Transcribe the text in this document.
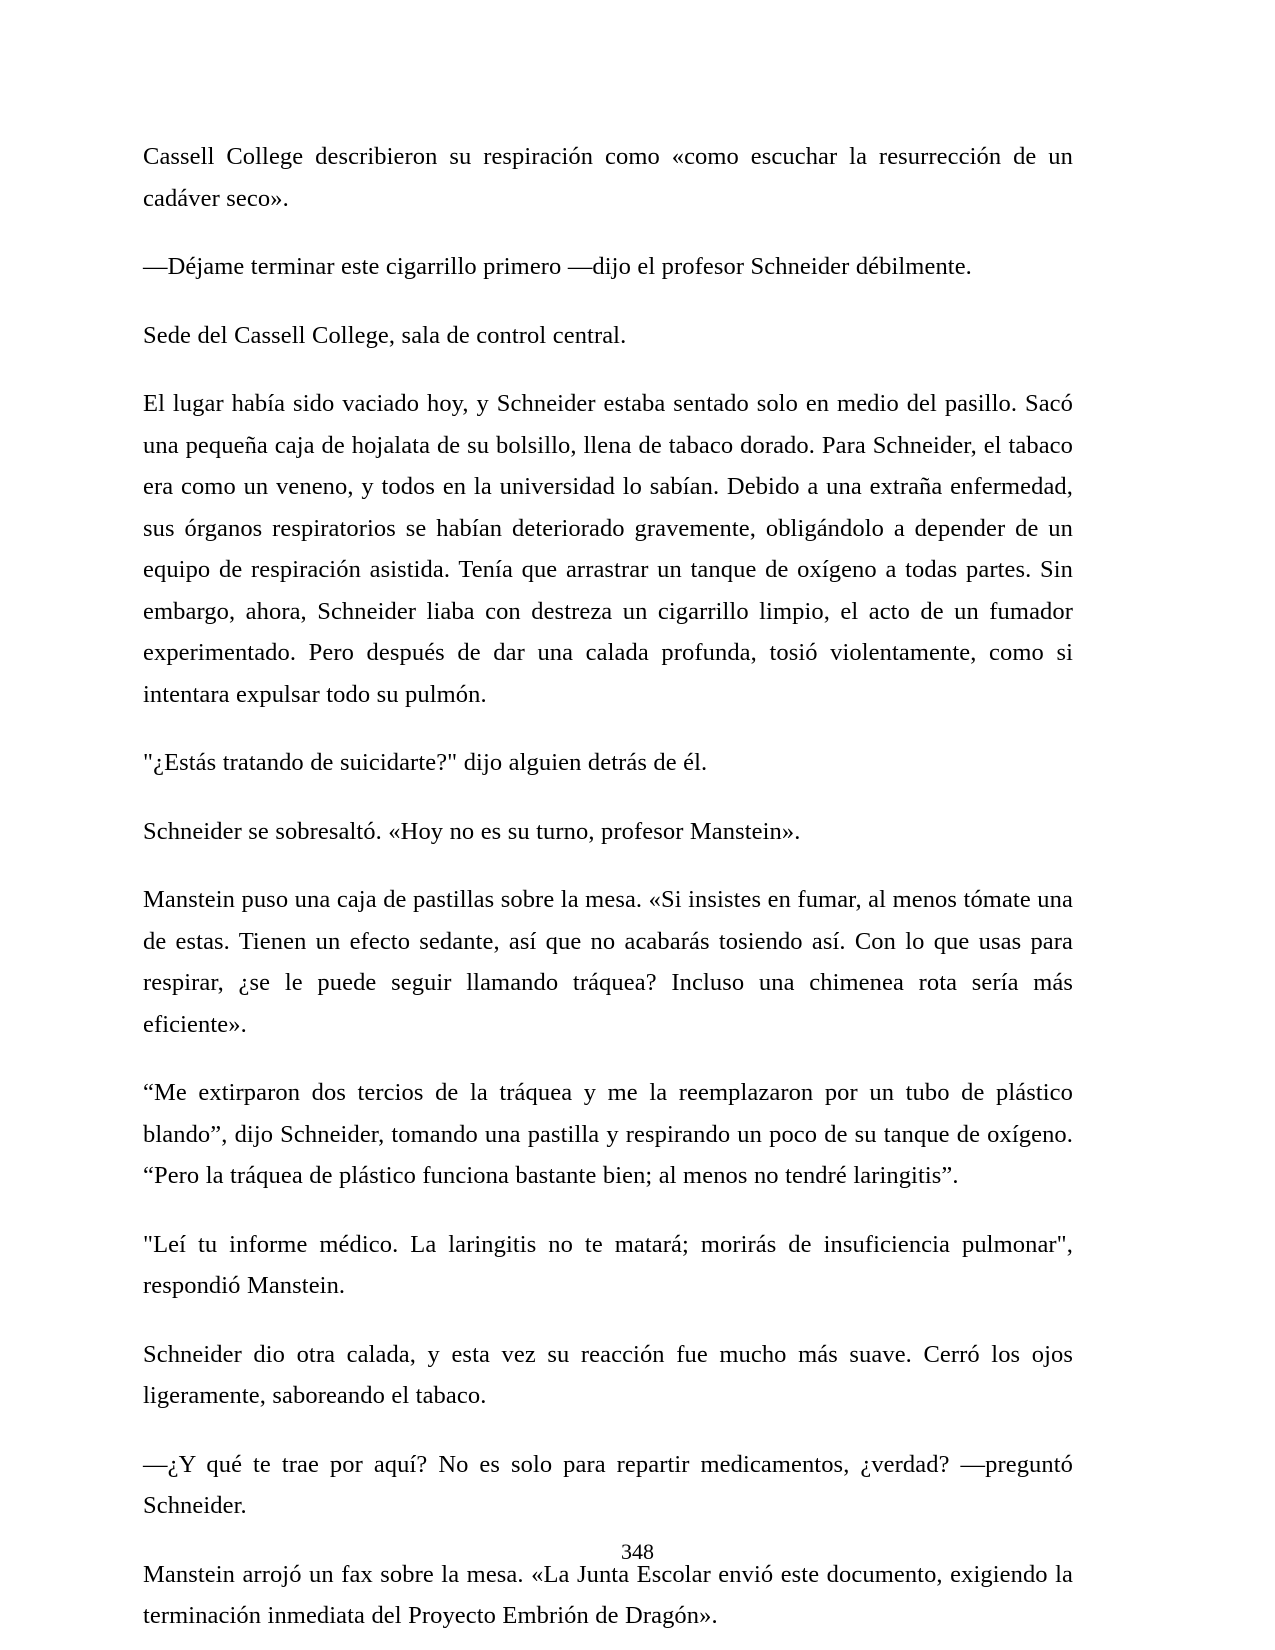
Cassell College describieron su respiración como «como escuchar la resurrección de un cadáver seco».

—Déjame terminar este cigarrillo primero —dijo el profesor Schneider débilmente.

Sede del Cassell College, sala de control central.

El lugar había sido vaciado hoy, y Schneider estaba sentado solo en medio del pasillo. Sacó una pequeña caja de hojalata de su bolsillo, llena de tabaco dorado. Para Schneider, el tabaco era como un veneno, y todos en la universidad lo sabían. Debido a una extraña enfermedad, sus órganos respiratorios se habían deteriorado gravemente, obligándolo a depender de un equipo de respiración asistida. Tenía que arrastrar un tanque de oxígeno a todas partes. Sin embargo, ahora, Schneider liaba con destreza un cigarrillo limpio, el acto de un fumador experimentado. Pero después de dar una calada profunda, tosió violentamente, como si intentara expulsar todo su pulmón.

"¿Estás tratando de suicidarte?" dijo alguien detrás de él.

Schneider se sobresaltó. «Hoy no es su turno, profesor Manstein».

Manstein puso una caja de pastillas sobre la mesa. «Si insistes en fumar, al menos tómate una de estas. Tienen un efecto sedante, así que no acabarás tosiendo así. Con lo que usas para respirar, ¿se le puede seguir llamando tráquea? Incluso una chimenea rota sería más eficiente».

“Me extirparon dos tercios de la tráquea y me la reemplazaron por un tubo de plástico blando”, dijo Schneider, tomando una pastilla y respirando un poco de su tanque de oxígeno. “Pero la tráquea de plástico funciona bastante bien; al menos no tendré laringitis”.

"Leí tu informe médico. La laringitis no te matará; morirás de insuficiencia pulmonar", respondió Manstein.

Schneider dio otra calada, y esta vez su reacción fue mucho más suave. Cerró los ojos ligeramente, saboreando el tabaco.

—¿Y qué te trae por aquí? No es solo para repartir medicamentos, ¿verdad? —preguntó Schneider.

Manstein arrojó un fax sobre la mesa. «La Junta Escolar envió este documento, exigiendo la terminación inmediata del Proyecto Embrión de Dragón».

348
